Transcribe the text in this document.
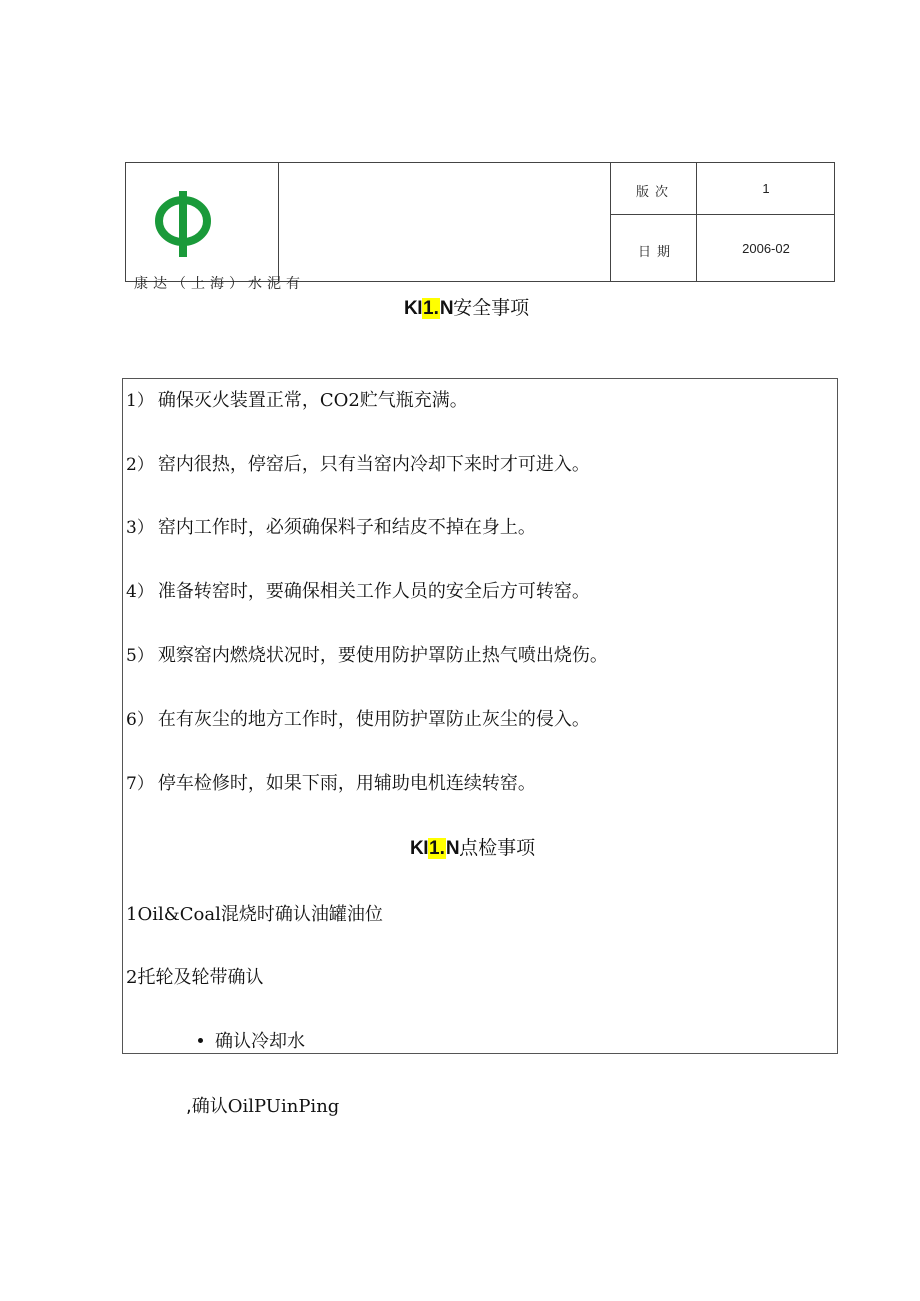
康达（上海）水泥有
版次	1
日期	2006-02
KI1.N安全事项
1） 确保灭火装置正常，CO2贮气瓶充满。
2） 窑内很热，停窑后，只有当窑内冷却下来时才可进入。
3） 窑内工作时，必须确保料子和结皮不掉在身上。
4） 准备转窑时，要确保相关工作人员的安全后方可转窑。
5） 观察窑内燃烧状况时，要使用防护罩防止热气喷出烧伤。
6） 在有灰尘的地方工作时，使用防护罩防止灰尘的侵入。
7） 停车检修时，如果下雨，用辅助电机连续转窑。
KI1.N点检事项
1Oil&Coal混烧时确认油罐油位
2托轮及轮带确认
确认冷却水
,确认OilPUinPing
